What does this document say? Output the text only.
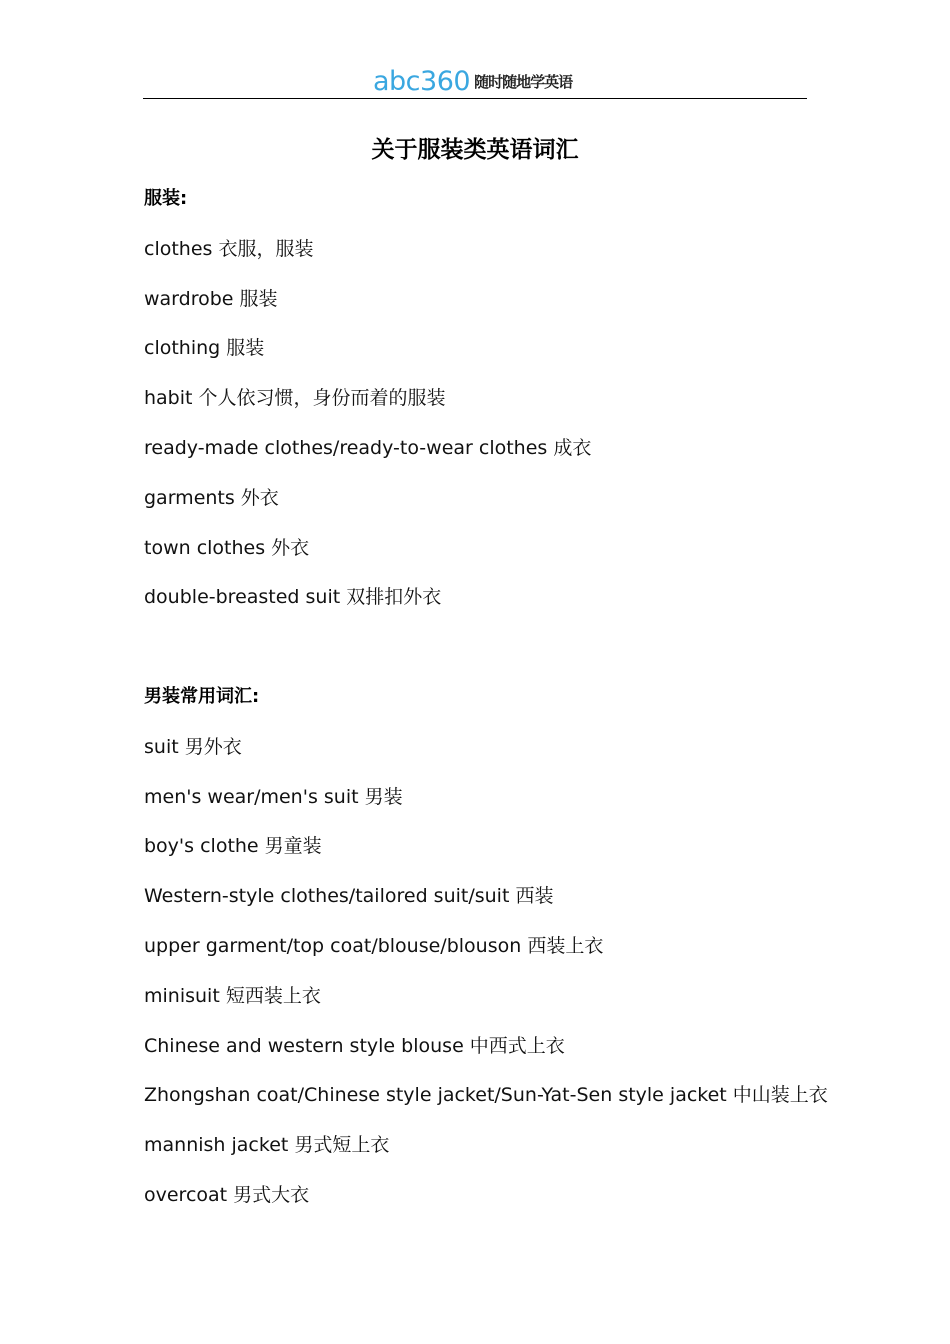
abc360 随时随地学英语
关于服装类英语词汇
服装:
clothes 衣服，服装
wardrobe 服装
clothing 服装
habit 个人依习惯，身份而着的服装
ready-made clothes/ready-to-wear clothes 成衣
garments 外衣
town clothes 外衣
double-breasted suit 双排扣外衣
男装常用词汇:
suit 男外衣
men's wear/men's suit 男装
boy's clothe 男童装
Western-style clothes/tailored suit/suit 西装
upper garment/top coat/blouse/blouson 西装上衣
minisuit 短西装上衣
Chinese and western style blouse 中西式上衣
Zhongshan coat/Chinese style jacket/Sun-Yat-Sen style jacket 中山装上衣
mannish jacket 男式短上衣
overcoat 男式大衣
